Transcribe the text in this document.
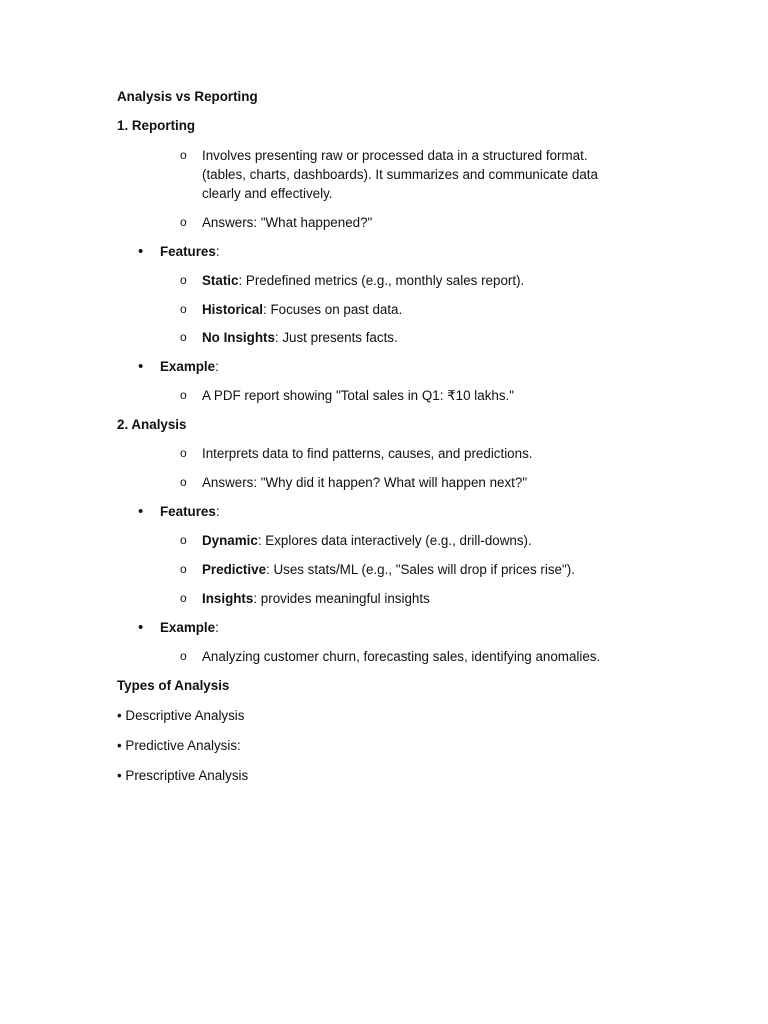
Analysis vs Reporting
1. Reporting
o Involves presenting raw or processed data in a structured format. (tables, charts, dashboards). It summarizes and communicate data clearly and effectively.
o Answers: "What happened?"
• Features:
o Static: Predefined metrics (e.g., monthly sales report).
o Historical: Focuses on past data.
o No Insights: Just presents facts.
• Example:
o A PDF report showing "Total sales in Q1: ₹10 lakhs."
2. Analysis
o Interprets data to find patterns, causes, and predictions.
o Answers: "Why did it happen? What will happen next?"
• Features:
o Dynamic: Explores data interactively (e.g., drill-downs).
o Predictive: Uses stats/ML (e.g., "Sales will drop if prices rise").
o Insights: provides meaningful insights
• Example:
o Analyzing customer churn, forecasting sales, identifying anomalies.
Types of Analysis
• Descriptive Analysis
• Predictive Analysis:
• Prescriptive Analysis
